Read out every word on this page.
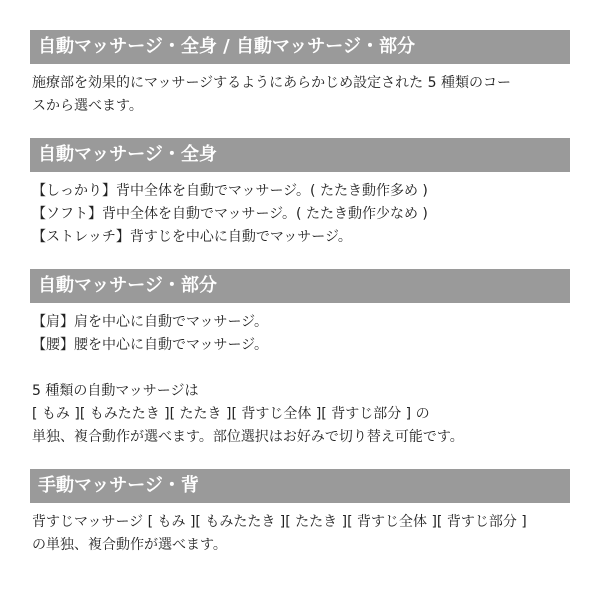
自動マッサージ・全身 / 自動マッサージ・部分
施療部を効果的にマッサージするようにあらかじめ設定された 5 種類のコー
スから選べます。
自動マッサージ・全身
【しっかり】背中全体を自動でマッサージ。( たたき動作多め )
【ソフト】背中全体を自動でマッサージ。( たたき動作少なめ )
【ストレッチ】背すじを中心に自動でマッサージ。
自動マッサージ・部分
【肩】肩を中心に自動でマッサージ。
【腰】腰を中心に自動でマッサージ。
5 種類の自動マッサージは
[ もみ ][ もみたたき ][ たたき ][ 背すじ全体 ][ 背すじ部分 ] の
単独、複合動作が選べます。部位選択はお好みで切り替え可能です。
手動マッサージ・背
背すじマッサージ [ もみ ][ もみたたき ][ たたき ][ 背すじ全体 ][ 背すじ部分 ]
の単独、複合動作が選べます。
